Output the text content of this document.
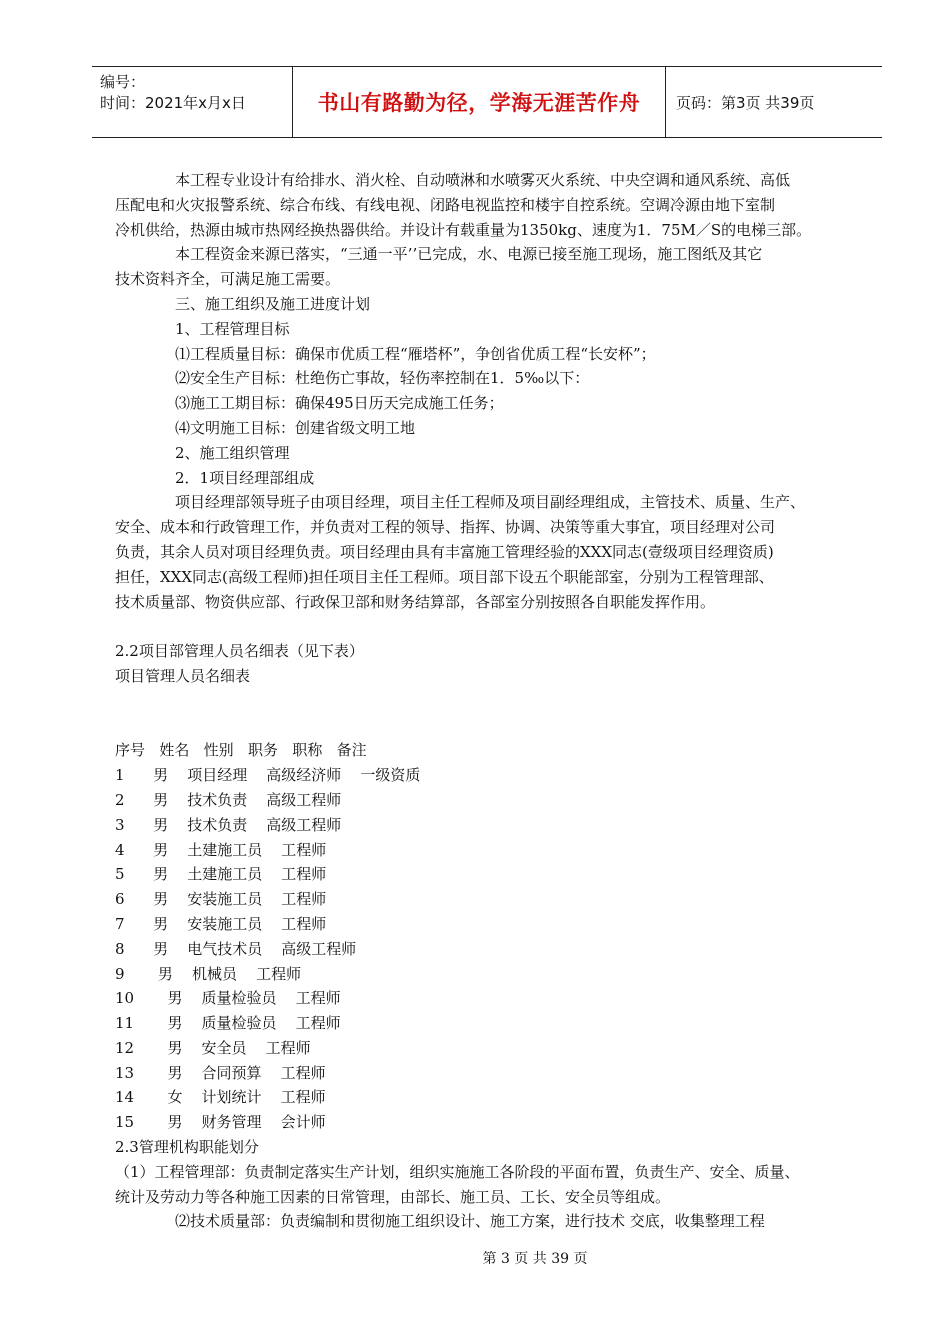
编号：
时间：2021年x月x日	书山有路勤为径，学海无涯苦作舟 页码：第3页 共39页

本工程专业设计有给排水、消火栓、自动喷淋和水喷雾灭火系统、中央空调和通风系统、高低

压配电和火灾报警系统、综合布线、有线电视、闭路电视监控和楼宇自控系统。空调冷源由地下室制

冷机供给，热源由城市热网经换热器供给。并设计有载重量为1350kg、速度为1．75M／S的电梯三部。

本工程资金来源已落实，“三通一平’’已完成，水、电源已接至施工现场，施工图纸及其它

技术资料齐全，可满足施工需要。

三、施工组织及施工进度计划

1、工程管理目标

⑴工程质量目标：确保市优质工程“雁塔杯”，争创省优质工程“长安杯”；

⑵安全生产目标：杜绝伤亡事故，轻伤率控制在1．5‰以下：

⑶施工工期目标：确保495日历天完成施工任务；

⑷文明施工目标：创建省级文明工地

2、施工组织管理

2．1项目经理部组成

项目经理部领导班子由项目经理，项目主任工程师及项目副经理组成，主管技术、质量、生产、

安全、成本和行政管理工作，并负责对工程的领导、指挥、协调、决策等重大事宜，项目经理对公司

负责，其余人员对项目经理负责。项目经理由具有丰富施工管理经验的XXX同志(壹级项目经理资质)

担任，XXX同志(高级工程师)担任项目主任工程师。项目部下设五个职能部室，分别为工程管理部、

技术质量部、物资供应部、行政保卫部和财务结算部，各部室分别按照各自职能发挥作用。

2.2项目部管理人员名细表（见下表）

项目管理人员名细表

序号 姓名 性别 职务 职称 备注

1      男    项目经理    高级经济师    一级资质

2      男    技术负责    高级工程师

3      男    技术负责    高级工程师

4      男    土建施工员    工程师

5      男    土建施工员    工程师

6      男    安装施工员    工程师

7      男    安装施工员    工程师

8      男    电气技术员    高级工程师

9       男    机械员    工程师

10       男    质量检验员    工程师

11       男    质量检验员    工程师

12       男    安全员    工程师

13       男    合同预算    工程师

14       女    计划统计    工程师

15       男    财务管理    会计师

2.3管理机构职能划分

（1）工程管理部：负责制定落实生产计划，组织实施施工各阶段的平面布置，负责生产、安全、质量、

统计及劳动力等各种施工因素的日常管理，由部长、施工员、工长、安全员等组成。

⑵技术质量部：负责编制和贯彻施工组织设计、施工方案，进行技术 交底，收集整理工程

第 3 页 共 39 页
